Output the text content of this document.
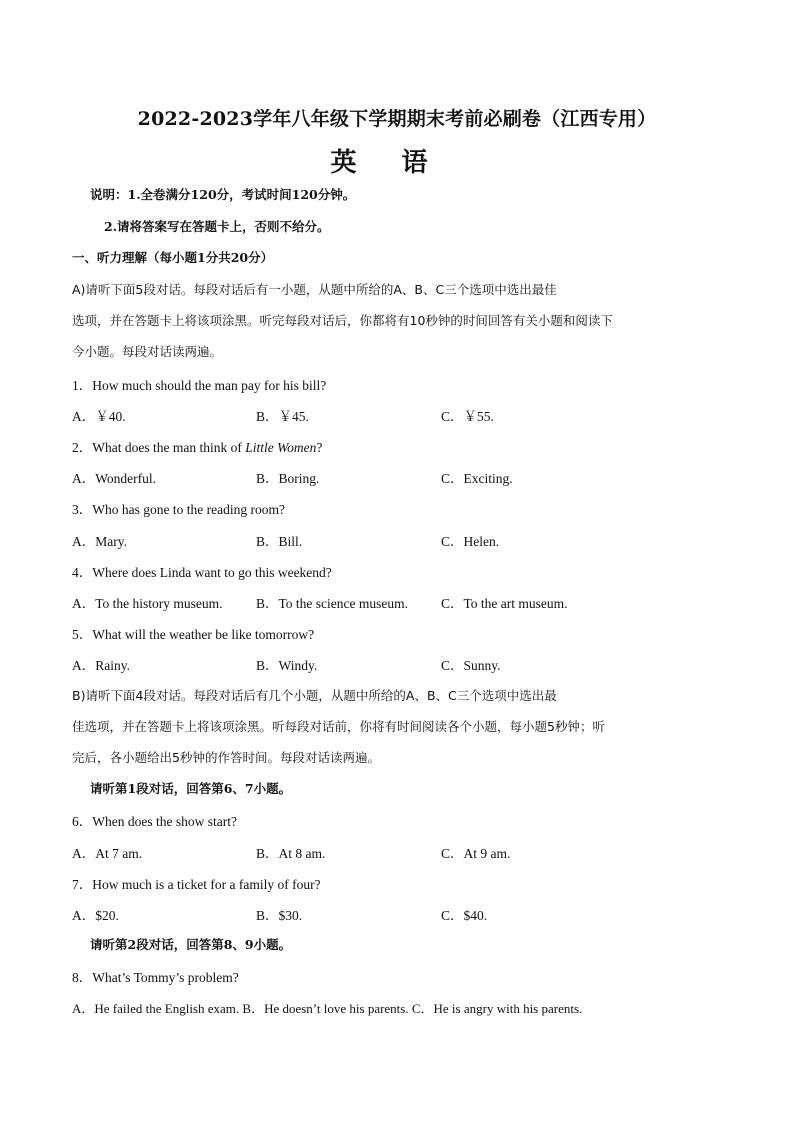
2022-2023学年八年级下学期期末考前必刷卷（江西专用）
英 语
说明：1.全卷满分120分，考试时间120分钟。
2.请将答案写在答题卡上，否则不给分。
一、听力理解（每小题1分共20分）
A)请听下面5段对话。每段对话后有一小题，从题中所给的A、B、C三个选项中选出最佳
选项，并在答题卡上将该项涂黑。听完每段对话后，你都将有10秒钟的时间回答有关小题和阅读下
今小题。每段对话读两遍。
1．How much should the man pay for his bill?
A．￥40.	B．￥45.	C．￥55.
2．What does the man think of Little Women?
A．Wonderful.	B．Boring.	C．Exciting.
3．Who has gone to the reading room?
A．Mary.	B．Bill.	C．Helen.
4．Where does Linda want to go this weekend?
A．To the history museum. B．To the science museum. C．To the art museum.
5．What will the weather be like tomorrow?
A．Rainy.	B．Windy.	C．Sunny.
B)请听下面4段对话。每段对话后有几个小题，从题中所给的A、B、C三个选项中选出最
佳选项，并在答题卡上将该项涂黑。听每段对话前，你将有时间阅读各个小题，每小题5秒钟；听
完后，各小题给出5秒钟的作答时间。每段对话读两遍。
请听第1段对话，回答第6、7小题。
6．When does the show start?
A．At 7 am.	B．At 8 am.	C．At 9 am.
7．How much is a ticket for a family of four?
A．$20.	B．$30.	C．$40.
请听第2段对话，回答第8、9小题。
8．What’s Tommy’s problem?
A．He failed the English exam. B．He doesn’t love his parents. C．He is angry with his parents.
